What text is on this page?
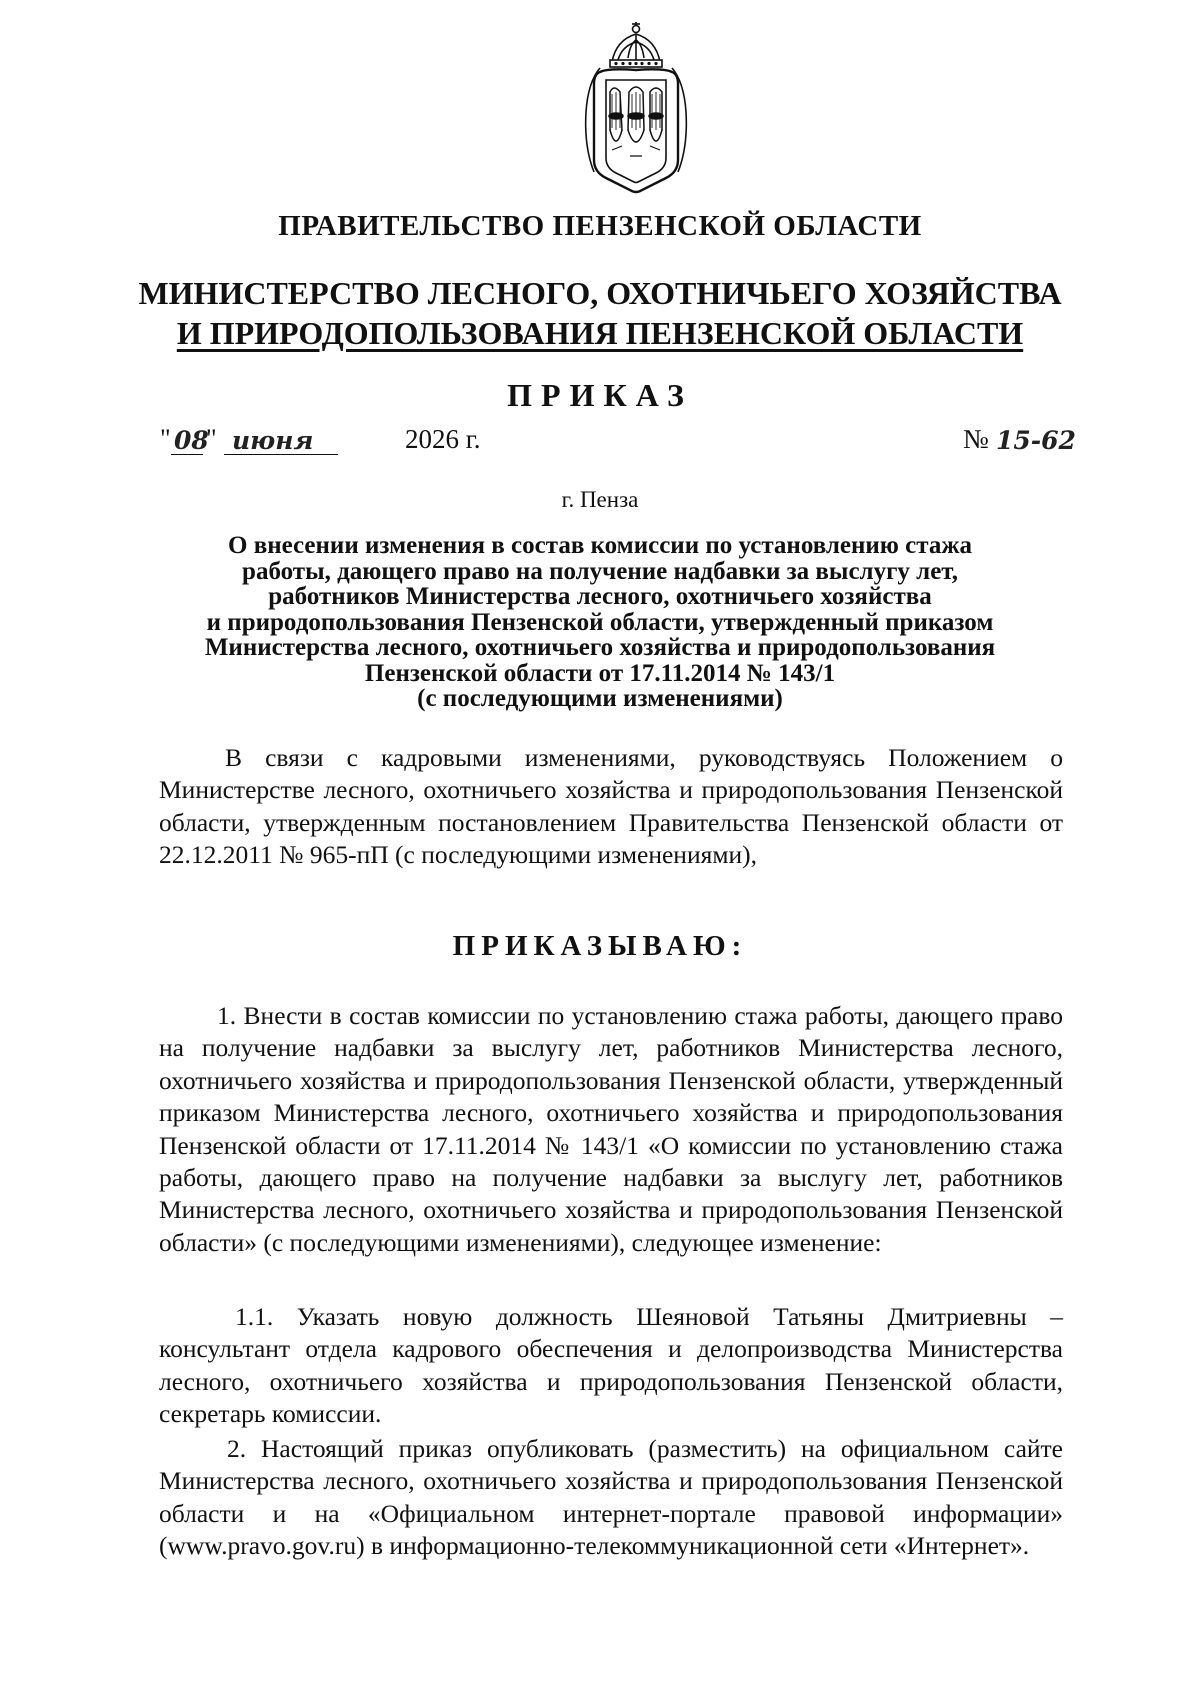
ПРАВИТЕЛЬСТВО ПЕНЗЕНСКОЙ ОБЛАСТИ
МИНИСТЕРСТВО ЛЕСНОГО, ОХОТНИЧЬЕГО ХОЗЯЙСТВА
И ПРИРОДОПОЛЬЗОВАНИЯ ПЕНЗЕНСКОЙ ОБЛАСТИ
ПРИКАЗ
" 08
" июня	2026 г.	№ 15-62
г. Пенза
О внесении изменения в состав комиссии по установлению стажа
работы, дающего право на получение надбавки за выслугу лет,
работников Министерства лесного, охотничьего хозяйства
и природопользования Пензенской области, утвержденный приказом
Министерства лесного, охотничьего хозяйства и природопользования
Пензенской области от 17.11.2014 № 143/1
(с последующими изменениями)
В связи с кадровыми изменениями, руководствуясь Положением о Министерстве лесного, охотничьего хозяйства и природопользования Пензенской области, утвержденным постановлением Правительства Пензенской области от 22.12.2011 № 965-пП (с последующими изменениями),
ПРИКАЗЫВАЮ:
1. Внести в состав комиссии по установлению стажа работы, дающего право на получение надбавки за выслугу лет, работников Министерства лесного, охотничьего хозяйства и природопользования Пензенской области, утвержденный приказом Министерства лесного, охотничьего хозяйства и природопользования Пензенской области от 17.11.2014 № 143/1 «О комиссии по установлению стажа работы, дающего право на получение надбавки за выслугу лет, работников Министерства лесного, охотничьего хозяйства и природопользования Пензенской области» (с последующими изменениями), следующее изменение:
1.1. Указать новую должность Шеяновой Татьяны Дмитриевны – консультант отдела кадрового обеспечения и делопроизводства Министерства лесного, охотничьего хозяйства и природопользования Пензенской области, секретарь комиссии.
2. Настоящий приказ опубликовать (разместить) на официальном сайте Министерства лесного, охотничьего хозяйства и природопользования Пензенской области и на «Официальном интернет-портале правовой информации» (www.pravo.gov.ru) в информационно-телекоммуникационной сети «Интернет».
